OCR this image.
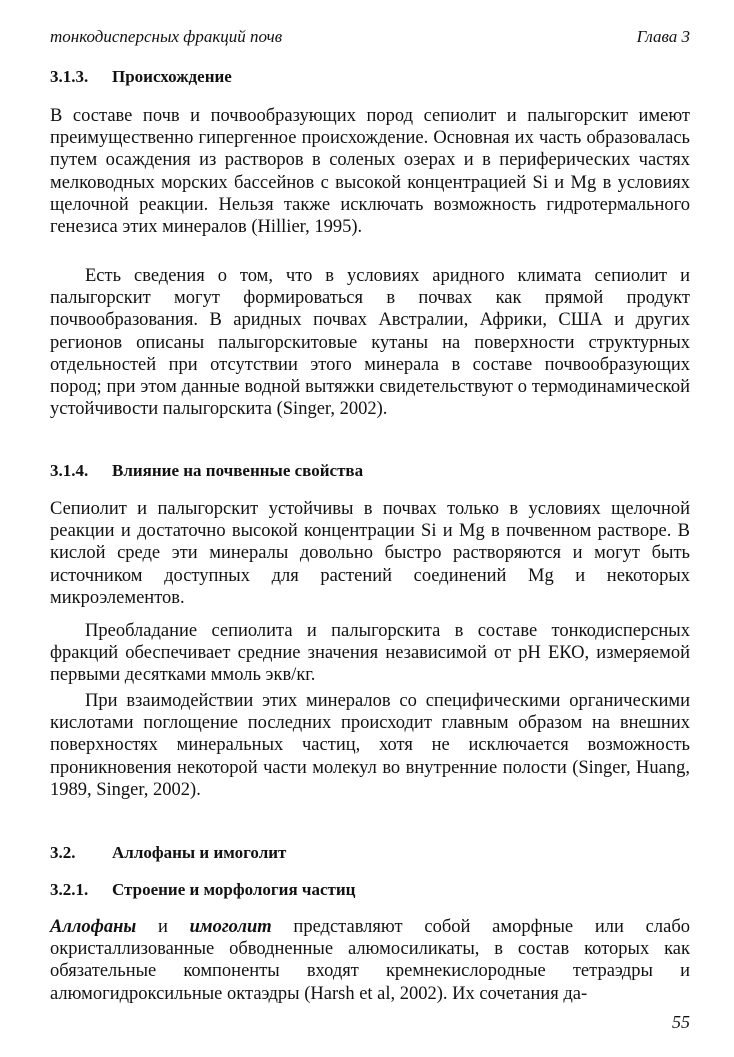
тонкодисперсных фракций почв	Глава 3
3.1.3. Происхождение

В составе почв и почвообразующих пород сепиолит и палыгорскит имеют преимущественно гипергенное происхождение. Основная их часть образовалась путем осаждения из растворов в соленых озерах и в периферических частях мелководных морских бассейнов с высокой концентрацией Si и Mg в условиях щелочной реакции. Нельзя также исключать возможность гидротермального генезиса этих минералов (Hillier, 1995).

Есть сведения о том, что в условиях аридного климата сепиолит и палыгорскит могут формироваться в почвах как прямой продукт почвообразования. В аридных почвах Австралии, Африки, США и других регионов описаны палыгорскитовые кутаны на поверхности структурных отдельностей при отсутствии этого минерала в составе почвообразующих пород; при этом данные водной вытяжки свидетельствуют о термодинамической устойчивости палыгорскита (Singer, 2002).

3.1.4. Влияние на почвенные свойства

Сепиолит и палыгорскит устойчивы в почвах только в условиях щелочной реакции и достаточно высокой концентрации Si и Mg в почвенном растворе. В кислой среде эти минералы довольно быстро растворяются и могут быть источником доступных для растений соединений Mg и некоторых микроэлементов.

Преобладание сепиолита и палыгорскита в составе тонкодисперсных фракций обеспечивает средние значения независимой от pH ЕКО, измеряемой первыми десятками ммоль экв/кг.

При взаимодействии этих минералов со специфическими органическими кислотами поглощение последних происходит главным образом на внешних поверхностях минеральных частиц, хотя не исключается возможность проникновения некоторой части молекул во внутренние полости (Singer, Huang, 1989, Singer, 2002).

3.2. Аллофаны и имоголит
3.2.1. Строение и морфология частиц

Аллофаны и имоголит представляют собой аморфные или слабо окристаллизованные обводненные алюмосиликаты, в состав которых как обязательные компоненты входят кремнекислородные тетраэдры и алюмогидроксильные октаэдры (Harsh et al, 2002). Их сочетания да-

55
